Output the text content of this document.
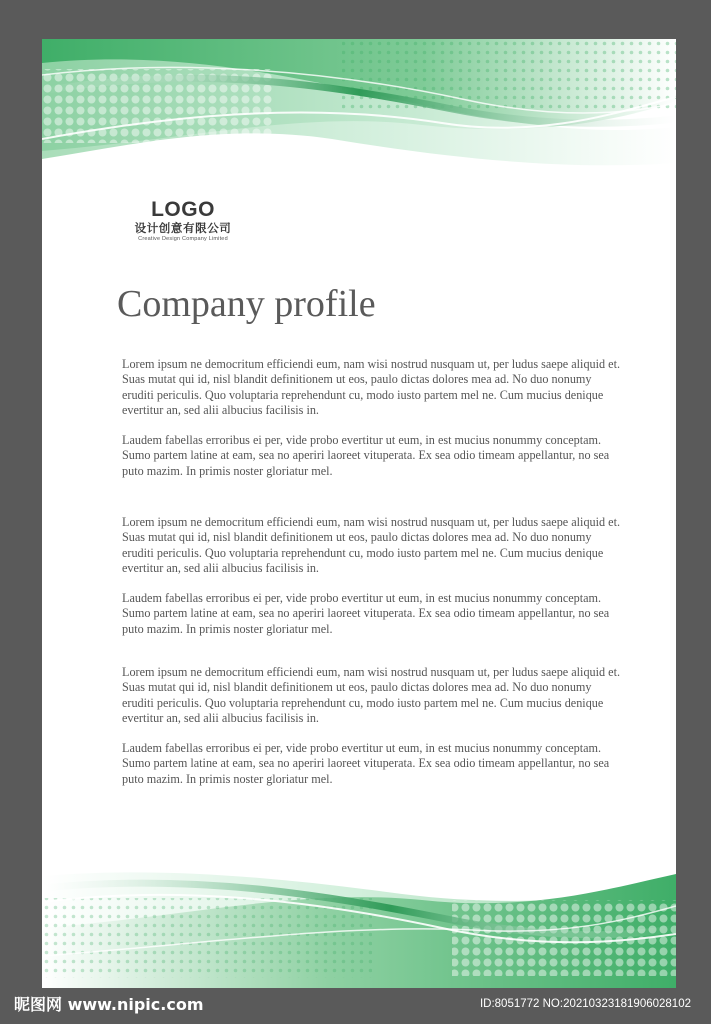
LOGO
设计创意有限公司
Creative Design Company Limited
Company profile

Lorem ipsum ne democritum efficiendi eum, nam wisi nostrud nusquam ut, per ludus saepe aliquid et. Suas mutat qui id, nisl blandit definitionem ut eos, paulo dictas dolores mea ad. No duo nonumy eruditi periculis. Quo voluptaria reprehendunt cu, modo iusto partem mel ne. Cum mucius denique evertitur an, sed alii albucius facilisis in.

Laudem fabellas erroribus ei per, vide probo evertitur ut eum, in est mucius nonummy conceptam. Sumo partem latine at eam, sea no aperiri laoreet vituperata. Ex sea odio timeam appellantur, no sea puto mazim. In primis noster gloriatur mel.

Lorem ipsum ne democritum efficiendi eum, nam wisi nostrud nusquam ut, per ludus saepe aliquid et. Suas mutat qui id, nisl blandit definitionem ut eos, paulo dictas dolores mea ad. No duo nonumy eruditi periculis. Quo voluptaria reprehendunt cu, modo iusto partem mel ne. Cum mucius denique evertitur an, sed alii albucius facilisis in.

Laudem fabellas erroribus ei per, vide probo evertitur ut eum, in est mucius nonummy conceptam. Sumo partem latine at eam, sea no aperiri laoreet vituperata. Ex sea odio timeam appellantur, no sea puto mazim. In primis noster gloriatur mel.

Lorem ipsum ne democritum efficiendi eum, nam wisi nostrud nusquam ut, per ludus saepe aliquid et. Suas mutat qui id, nisl blandit definitionem ut eos, paulo dictas dolores mea ad. No duo nonumy eruditi periculis. Quo voluptaria reprehendunt cu, modo iusto partem mel ne. Cum mucius denique evertitur an, sed alii albucius facilisis in.

Laudem fabellas erroribus ei per, vide probo evertitur ut eum, in est mucius nonummy conceptam. Sumo partem latine at eam, sea no aperiri laoreet vituperata. Ex sea odio timeam appellantur, no sea puto mazim. In primis noster gloriatur mel.

昵图网 www.nipic.com	ID:8051772 NO:20210323181906028102
